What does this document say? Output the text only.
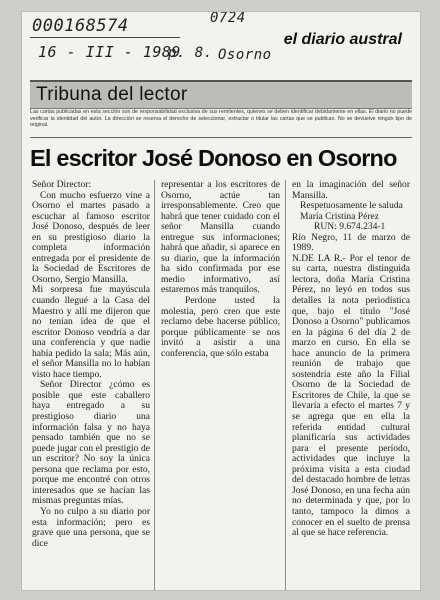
000168574	0724
16 - III - 1989
p. 8. Osorno
el diario austral
Tribuna del lector
Las cartas publicadas en esta sección son de responsabilidad exclusiva de sus remitentes, quienes se deben identificar debidamente en ellas. El diario no puede verificar la identidad del autor. La dirección se reserva el derecho de seleccionar, extractar o titular las cartas que se publican. No se devuelve ningún tipo de original.
El escritor José Donoso en Osorno

Señor Director:

Con mucho esfuerzo vine a Osorno el martes pasado a escuchar al famoso escritor José Donoso, después de leer en su prestigioso diario la completa información entregada por el presidente de la Sociedad de Escritores de Osorno, Sergio Mansilla.

Mi sorpresa fue mayúscula cuando llegué a la Casa del Maestro y allí me dijeron que no tenían idea de que el escritor Donoso vendría a dar una conferencia y que nadie había pedido la sala; Más aún, el señor Mansilla no lo habían visto hace tiempo.

Señor Director ¿cómo es posible que este caballero haya entregado a su prestigioso diario una información falsa y no haya pensado también que no se puede jugar con el prestigio de un escritor? No soy la única persona que reclama por esto, porque me encontré con otros interesados que se hacían las mismas preguntas mías.

Yo no culpo a su diario por esta información; pero es grave que una persona, que se dice

representar a los escritores de Osorno, actúe tan irresponsablemente. Creo que habrá que tener cuidado con el señor Mansilla cuando entregue sus informaciones; habrá que añadir, si aparece en su diario, que la información ha sido confirmada por ese medio informativo, así estaremos más tranquilos.

Perdone usted la molestia, pero creo que este reclamo debe hacerse público, porque públicamente se nos invitó a asistir a una conferencia, que sólo estaba

en la imaginación del señor Mansilla.

Respetuosamente le saluda

María Cristina Pérez

RUN: 9.674.234-1

Río Negro, 11 de marzo de 1989.

N.DE LA R.- Por el tenor de su carta, nuestra distinguida lectora, doña María Cristina Pérez, no leyó en todos sus detalles la nota periodística que, bajo el título "José Donoso a Osorno" publicamos en la página 6 del día 2 de marzo en curso. En ella se hace anuncio de la primera reunión de trabajo que sostendría este año la Filial Osorno de la Sociedad de Escritores de Chile, la que se llevaría a efecto el martes 7 y se agrega que en ella la referida entidad cultural planificaría sus actividades para el presente período, actividades que incluye la próxima visita a esta ciudad del destacado hombre de letras José Donoso, en una fecha aún no determinada y que, por lo tanto, tampoco la dimos a conocer en el suelto de prensa al que se hace referencia.
